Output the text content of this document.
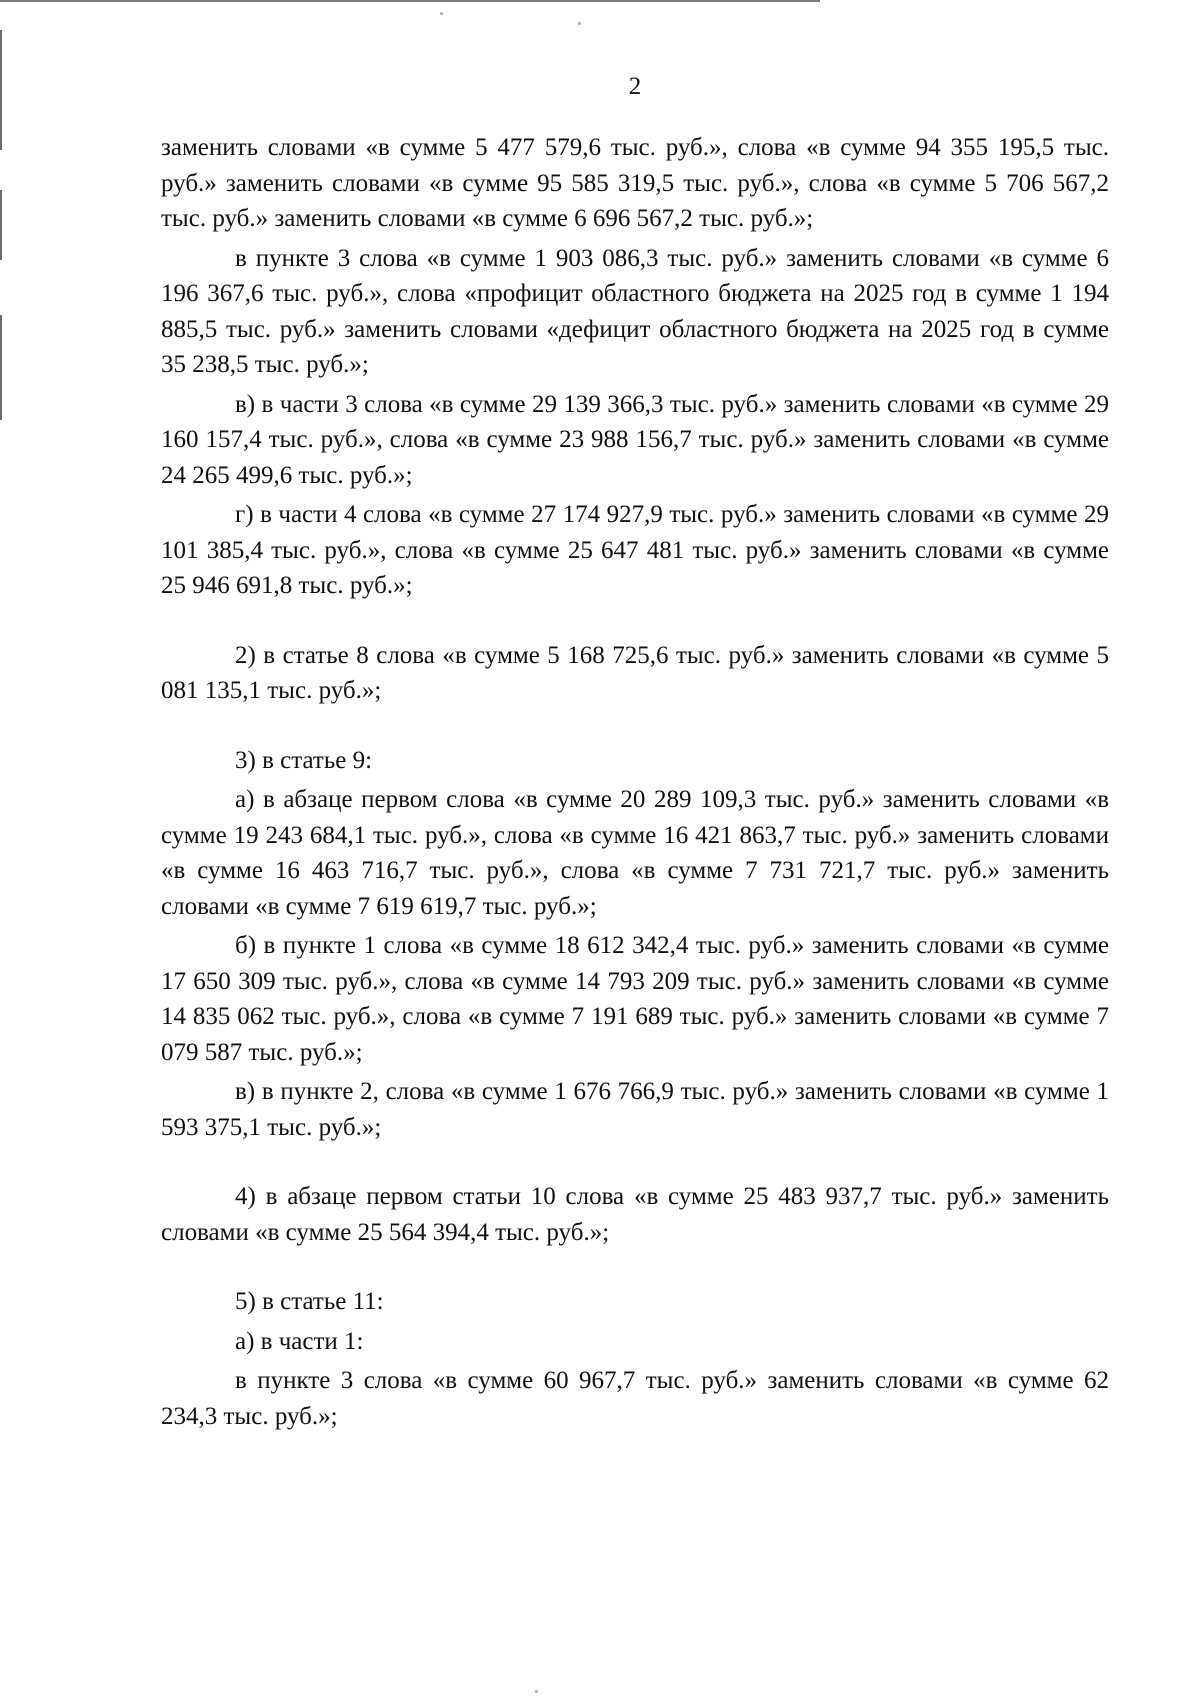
2

заменить словами «в сумме 5 477 579,6 тыс. руб.», слова «в сумме 94 355 195,5 тыс. руб.» заменить словами «в сумме 95 585 319,5 тыс. руб.», слова «в сумме 5 706 567,2 тыс. руб.» заменить словами «в сумме 6 696 567,2 тыс. руб.»;

в пункте 3 слова «в сумме 1 903 086,3 тыс. руб.» заменить словами «в сумме 6 196 367,6 тыс. руб.», слова «профицит областного бюджета на 2025 год в сумме 1 194 885,5 тыс. руб.» заменить словами «дефицит областного бюджета на 2025 год в сумме 35 238,5 тыс. руб.»;

в) в части 3 слова «в сумме 29 139 366,3 тыс. руб.» заменить словами «в сумме 29 160 157,4 тыс. руб.», слова «в сумме 23 988 156,7 тыс. руб.» заменить словами «в сумме 24 265 499,6 тыс. руб.»;

г) в части 4 слова «в сумме 27 174 927,9 тыс. руб.» заменить словами «в сумме 29 101 385,4 тыс. руб.», слова «в сумме 25 647 481 тыс. руб.» заменить словами «в сумме 25 946 691,8 тыс. руб.»;

2) в статье 8 слова «в сумме 5 168 725,6 тыс. руб.» заменить словами «в сумме 5 081 135,1 тыс. руб.»;

3) в статье 9:

а) в абзаце первом слова «в сумме 20 289 109,3 тыс. руб.» заменить словами «в сумме 19 243 684,1 тыс. руб.», слова «в сумме 16 421 863,7 тыс. руб.» заменить словами «в сумме 16 463 716,7 тыс. руб.», слова «в сумме 7 731 721,7 тыс. руб.» заменить словами «в сумме 7 619 619,7 тыс. руб.»;

б) в пункте 1 слова «в сумме 18 612 342,4 тыс. руб.» заменить словами «в сумме 17 650 309 тыс. руб.», слова «в сумме 14 793 209 тыс. руб.» заменить словами «в сумме 14 835 062 тыс. руб.», слова «в сумме 7 191 689 тыс. руб.» заменить словами «в сумме 7 079 587 тыс. руб.»;

в) в пункте 2, слова «в сумме 1 676 766,9 тыс. руб.» заменить словами «в сумме 1 593 375,1 тыс. руб.»;

4) в абзаце первом статьи 10 слова «в сумме 25 483 937,7 тыс. руб.» заменить словами «в сумме 25 564 394,4 тыс. руб.»;

5) в статье 11:

а) в части 1:

в пункте 3 слова «в сумме 60 967,7 тыс. руб.» заменить словами «в сумме 62 234,3 тыс. руб.»;
